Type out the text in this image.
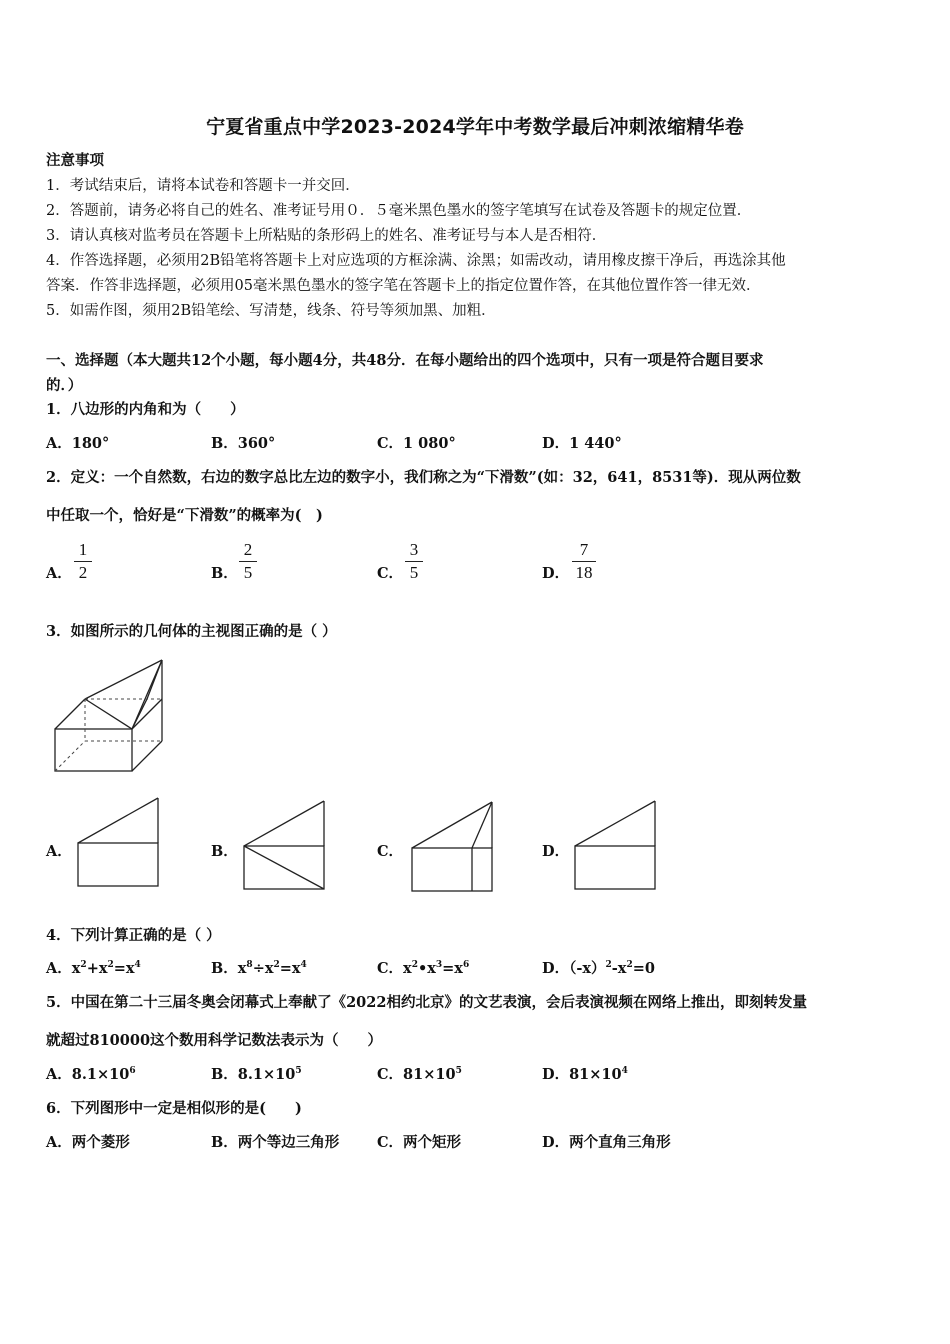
宁夏省重点中学2023-2024学年中考数学最后冲刺浓缩精华卷
注意事项
1．考试结束后，请将本试卷和答题卡一并交回．
2．答题前，请务必将自己的姓名、准考证号用０．５毫米黑色墨水的签字笔填写在试卷及答题卡的规定位置．
3．请认真核对监考员在答题卡上所粘贴的条形码上的姓名、准考证号与本人是否相符．
4．作答选择题，必须用2B铅笔将答题卡上对应选项的方框涂满、涂黑；如需改动，请用橡皮擦干净后，再选涂其他
答案．作答非选择题，必须用05毫米黑色墨水的签字笔在答题卡上的指定位置作答，在其他位置作答一律无效．
5．如需作图，须用2B铅笔绘、写清楚，线条、符号等须加黑、加粗．
一、选择题（本大题共12个小题，每小题4分，共48分．在每小题给出的四个选项中，只有一项是符合题目要求
的．）
1．八边形的内角和为（　　）
A．180°	B．360°	C．1 080°	D．1 440°
2．定义：一个自然数，右边的数字总比左边的数字小，我们称之为“下滑数”(如：32，641，8531等)．现从两位数
中任取一个，恰好是“下滑数”的概率为(　)
A．
1
2	B．
2
5	C．
3
5	D．
7
18
3．如图所示的几何体的主视图正确的是（ ）
A．	B．	C．	D．
4．下列计算正确的是（ ）
A．$x^2+x^2=x^4$	B．$x^8\div x^2=x^4$	C．$x^2•x^3=x^6$	D．$(-x)^2-x^2=0$
5．中国在第二十三届冬奥会闭幕式上奉献了《2022相约北京》的文艺表演，会后表演视频在网络上推出，即刻转发量
就超过810000这个数用科学记数法表示为（　　）
A．$8.1\times 10^6$	B．$8.1\times 10^5$	C．$81\times 10^5$	D．$81\times 10^4$
6．下列图形中一定是相似形的是(　　)
A．两个菱形	B．两个等边三角形	C．两个矩形	D．两个直角三角形
